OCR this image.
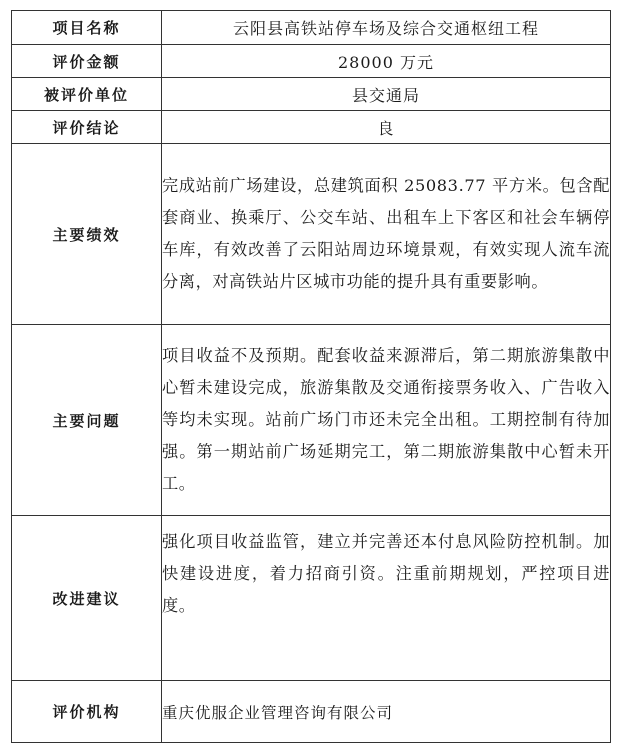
项目名称	云阳县高铁站停车场及综合交通枢纽工程
评价金额	28000 万元
被评价单位	县交通局
评价结论	良
主要绩效	完成站前广场建设，总建筑面积 25083.77 平方米。包含配套商业、换乘厅、公交车站、出租车上下客区和社会车辆停车库，有效改善了云阳站周边环境景观，有效实现人流车流分离，对高铁站片区城市功能的提升具有重要影响。
主要问题	项目收益不及预期。配套收益来源滞后，第二期旅游集散中心暂未建设完成，旅游集散及交通衔接票务收入、广告收入等均未实现。站前广场门市还未完全出租。工期控制有待加强。第一期站前广场延期完工，第二期旅游集散中心暂未开工。
改进建议	强化项目收益监管，建立并完善还本付息风险防控机制。加快建设进度，着力招商引资。注重前期规划，严控项目进度。
评价机构	重庆优服企业管理咨询有限公司
